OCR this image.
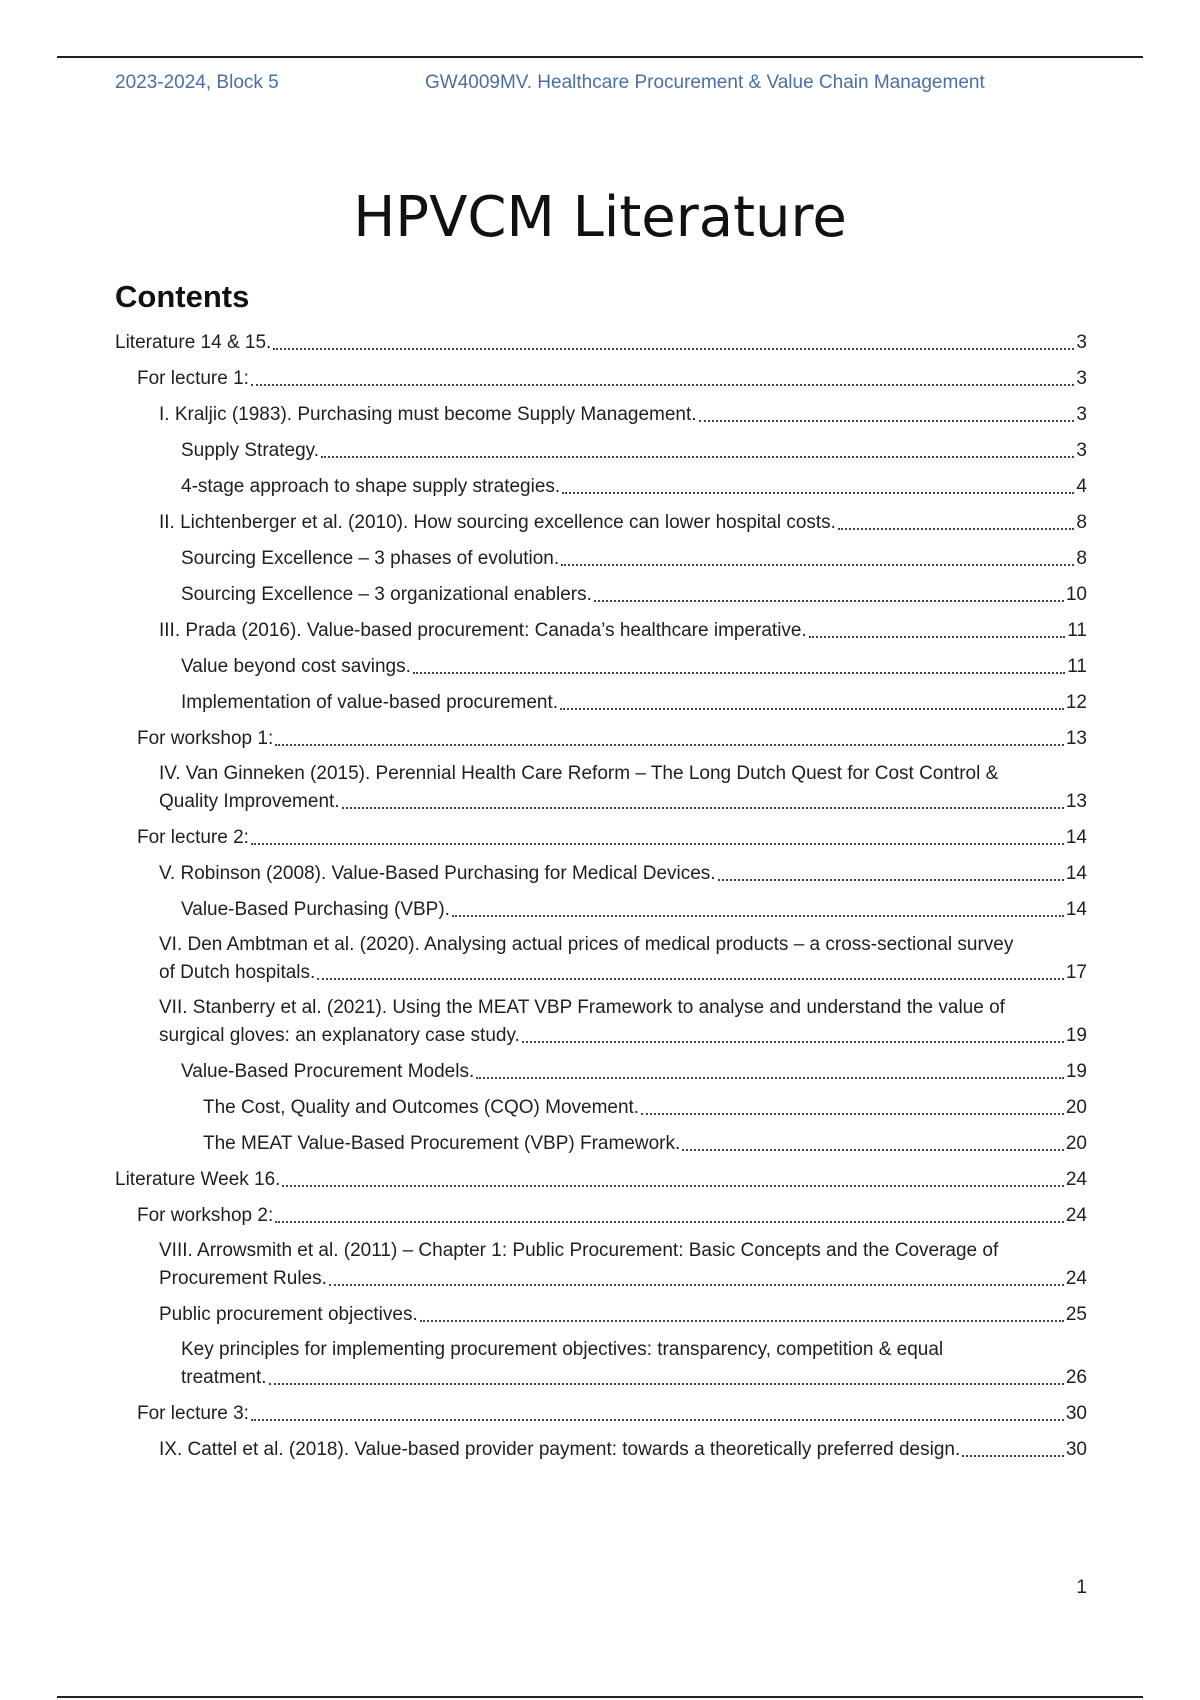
2023-2024, Block 5	GW4009MV. Healthcare Procurement & Value Chain Management
HPVCM Literature
Contents
Literature 14 & 15.	3
For lecture 1:	3
I. Kraljic (1983). Purchasing must become Supply Management.	3
Supply Strategy.	3
4-stage approach to shape supply strategies.	4
II. Lichtenberger et al. (2010). How sourcing excellence can lower hospital costs.	8
Sourcing Excellence – 3 phases of evolution.	8
Sourcing Excellence – 3 organizational enablers.	10
III. Prada (2016). Value-based procurement: Canada’s healthcare imperative.	11
Value beyond cost savings.	11
Implementation of value-based procurement.	12
For workshop 1:	13
IV. Van Ginneken (2015). Perennial Health Care Reform – The Long Dutch Quest for Cost Control &
Quality Improvement.	13
For lecture 2:	14
V. Robinson (2008). Value-Based Purchasing for Medical Devices.	14
Value-Based Purchasing (VBP).	14
VI. Den Ambtman et al. (2020). Analysing actual prices of medical products – a cross-sectional survey
of Dutch hospitals.	17
VII. Stanberry et al. (2021). Using the MEAT VBP Framework to analyse and understand the value of
surgical gloves: an explanatory case study.	19
Value-Based Procurement Models.	19
The Cost, Quality and Outcomes (CQO) Movement.	20
The MEAT Value-Based Procurement (VBP) Framework.	20
Literature Week 16.	24
For workshop 2:	24
VIII. Arrowsmith et al. (2011) – Chapter 1: Public Procurement: Basic Concepts and the Coverage of
Procurement Rules.	24
Public procurement objectives.	25
Key principles for implementing procurement objectives: transparency, competition & equal
treatment.	26
For lecture 3:	30
IX. Cattel et al. (2018). Value-based provider payment: towards a theoretically preferred design.	30
1
